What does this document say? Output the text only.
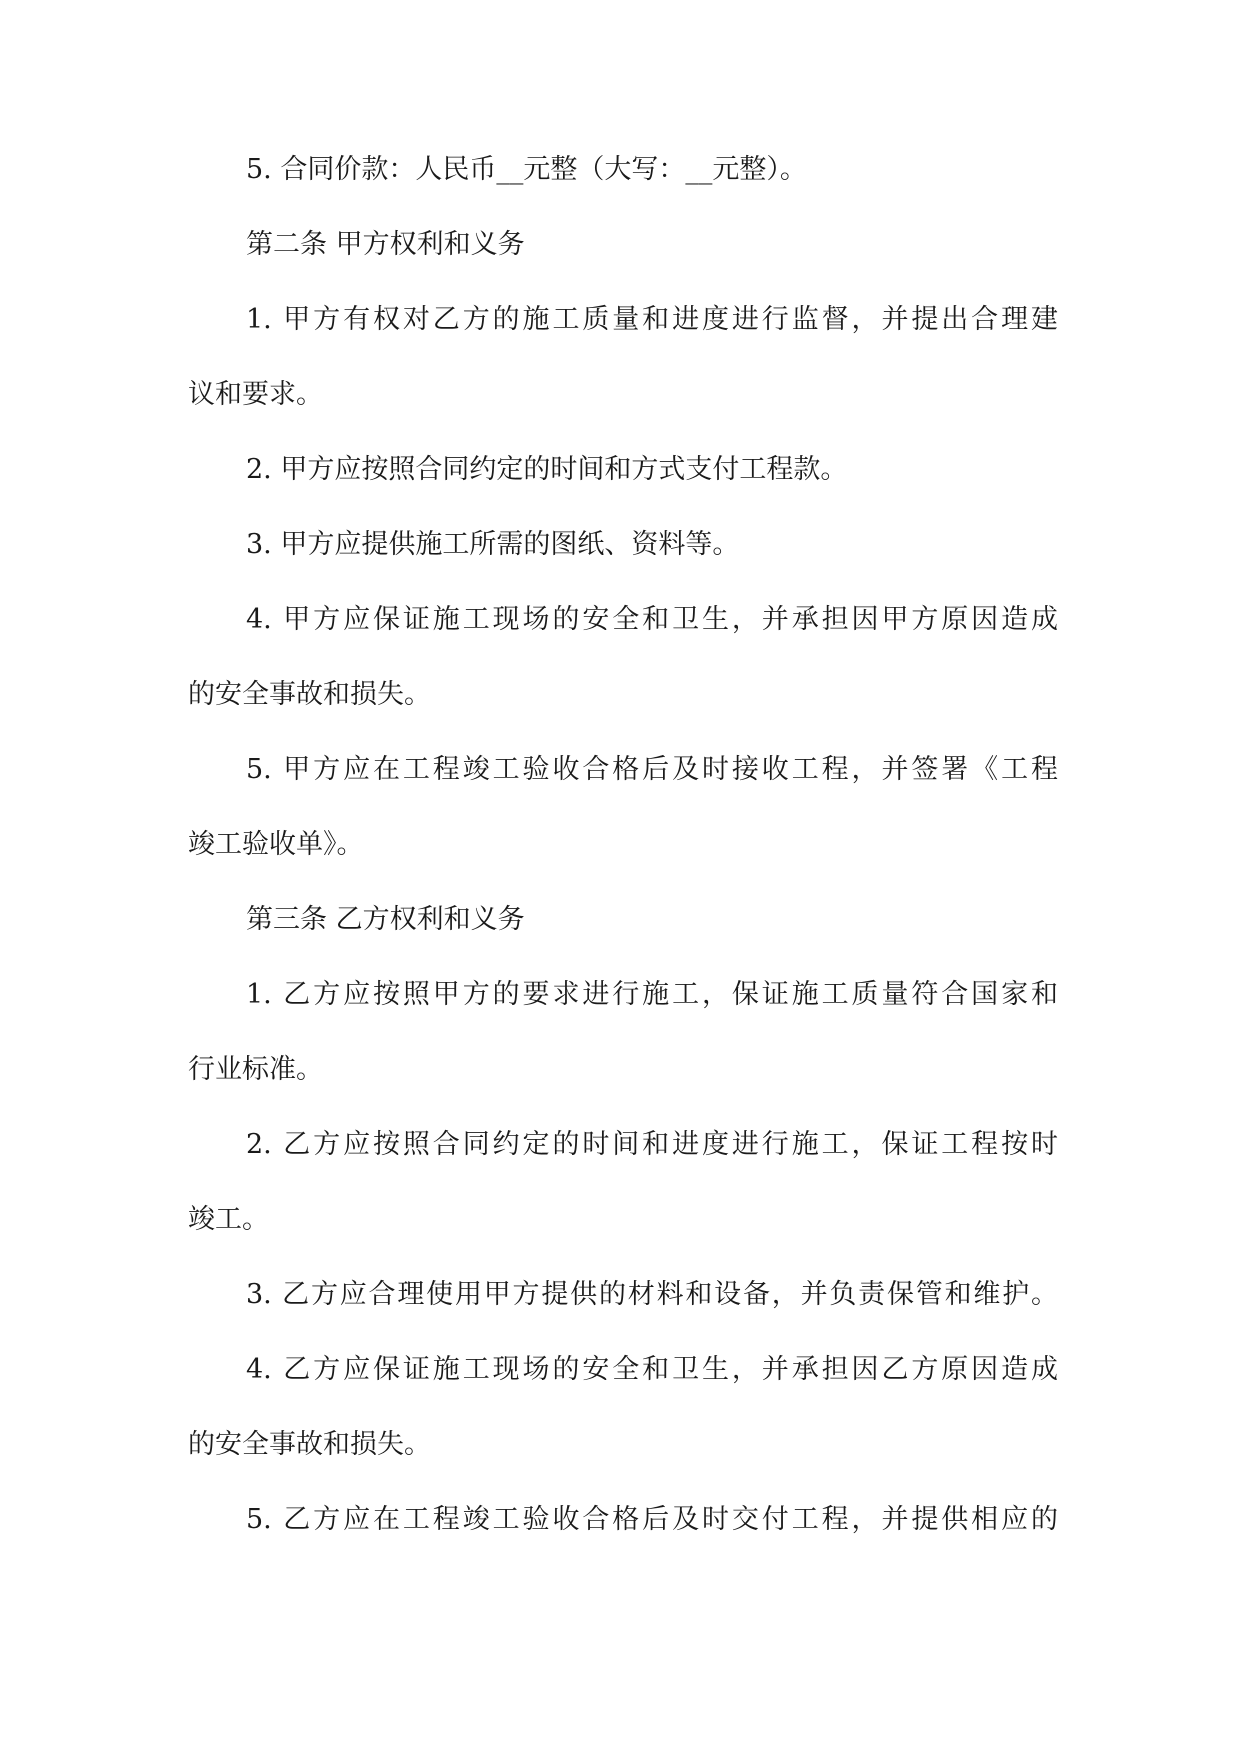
5. 合同价款：人民币__元整（大写：__元整）。

第二条 甲方权利和义务

1. 甲方有权对乙方的施工质量和进度进行监督，并提出合理建

议和要求。

2. 甲方应按照合同约定的时间和方式支付工程款。

3. 甲方应提供施工所需的图纸、资料等。

4. 甲方应保证施工现场的安全和卫生，并承担因甲方原因造成

的安全事故和损失。

5. 甲方应在工程竣工验收合格后及时接收工程，并签署《工程

竣工验收单》。

第三条 乙方权利和义务

1. 乙方应按照甲方的要求进行施工，保证施工质量符合国家和

行业标准。

2. 乙方应按照合同约定的时间和进度进行施工，保证工程按时

竣工。

3. 乙方应合理使用甲方提供的材料和设备，并负责保管和维护。

4. 乙方应保证施工现场的安全和卫生，并承担因乙方原因造成

的安全事故和损失。

5. 乙方应在工程竣工验收合格后及时交付工程，并提供相应的
